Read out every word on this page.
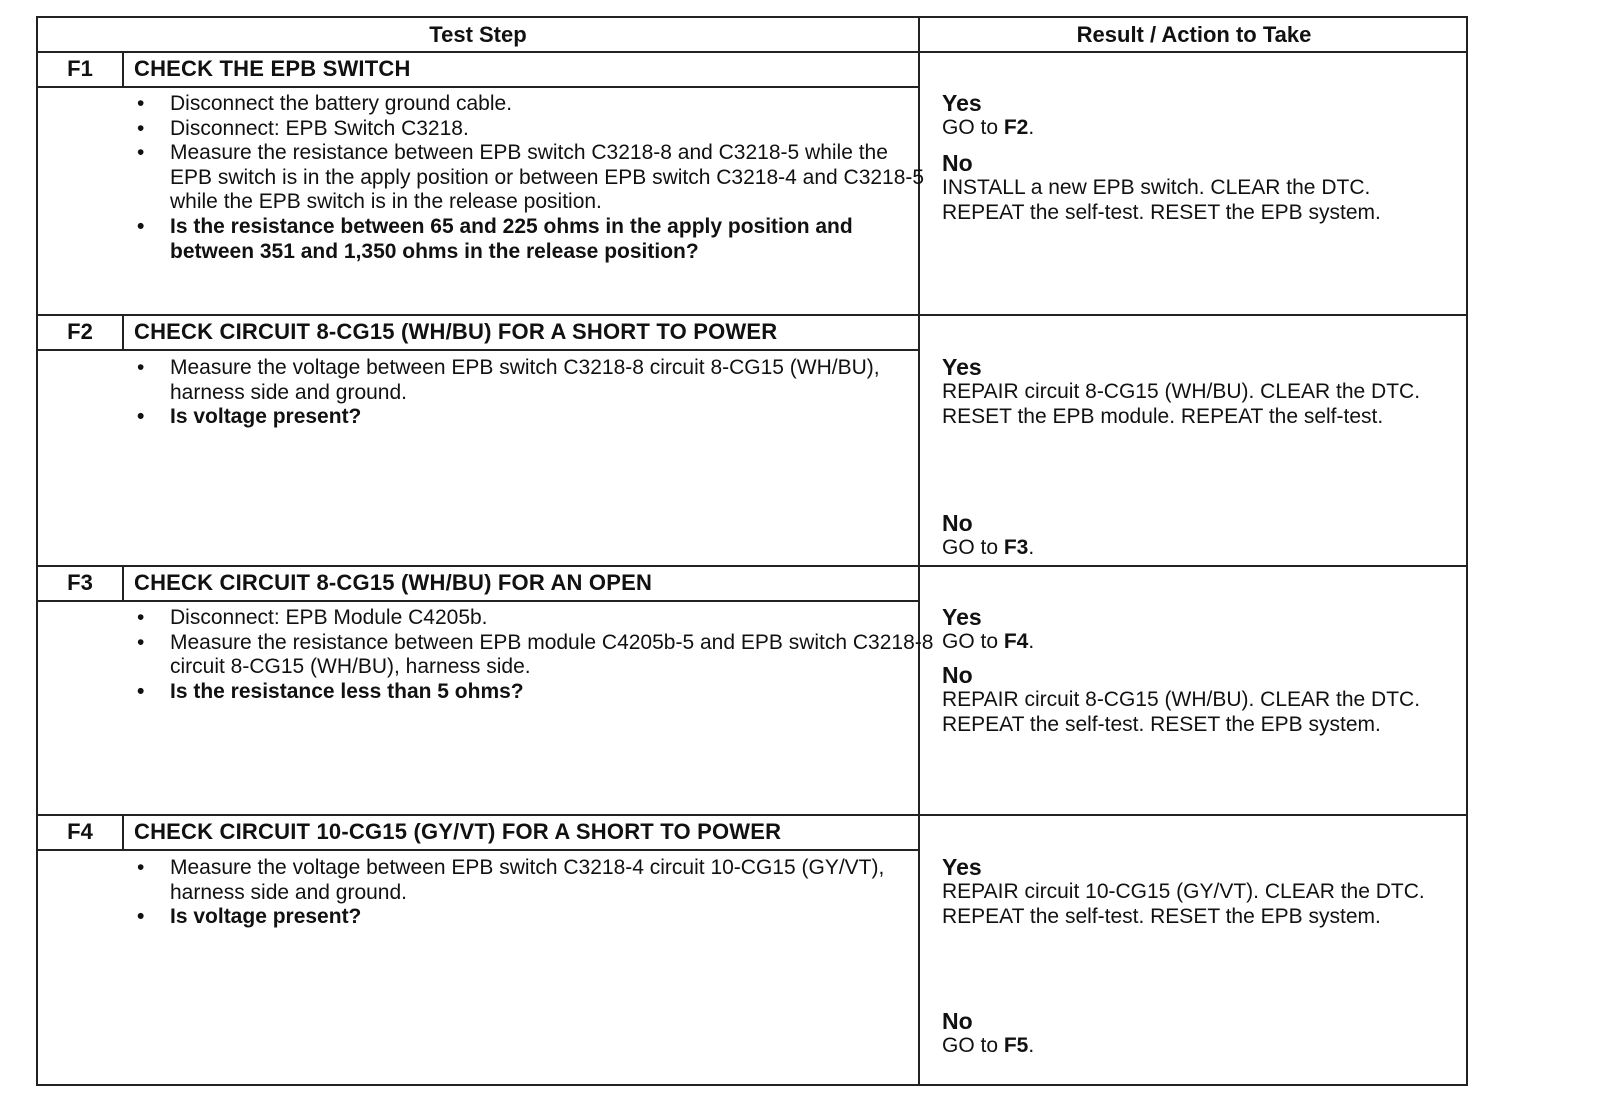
Test Step	Result / Action to Take
F1	CHECK THE EPB SWITCH
• Disconnect the battery ground cable.
• Disconnect: EPB Switch C3218.
• Measure the resistance between EPB switch C3218-8 and C3218-5 while the EPB switch is in the apply position or between EPB switch C3218-4 and C3218-5 while the EPB switch is in the release position.
• Is the resistance between 65 and 225 ohms in the apply position and between 351 and 1,350 ohms in the release position?
Yes
GO to F2.
No
INSTALL a new EPB switch. CLEAR the DTC. REPEAT the self-test. RESET the EPB system.
F2	CHECK CIRCUIT 8-CG15 (WH/BU) FOR A SHORT TO POWER
• Measure the voltage between EPB switch C3218-8 circuit 8-CG15 (WH/BU), harness side and ground.
• Is voltage present?
Yes
REPAIR circuit 8-CG15 (WH/BU). CLEAR the DTC. RESET the EPB module. REPEAT the self-test.
No
GO to F3.
F3	CHECK CIRCUIT 8-CG15 (WH/BU) FOR AN OPEN
• Disconnect: EPB Module C4205b.
• Measure the resistance between EPB module C4205b-5 and EPB switch C3218-8 circuit 8-CG15 (WH/BU), harness side.
• Is the resistance less than 5 ohms?
Yes
GO to F4.
No
REPAIR circuit 8-CG15 (WH/BU). CLEAR the DTC. REPEAT the self-test. RESET the EPB system.
F4	CHECK CIRCUIT 10-CG15 (GY/VT) FOR A SHORT TO POWER
• Measure the voltage between EPB switch C3218-4 circuit 10-CG15 (GY/VT), harness side and ground.
• Is voltage present?
Yes
REPAIR circuit 10-CG15 (GY/VT). CLEAR the DTC. REPEAT the self-test. RESET the EPB system.
No
GO to F5.
